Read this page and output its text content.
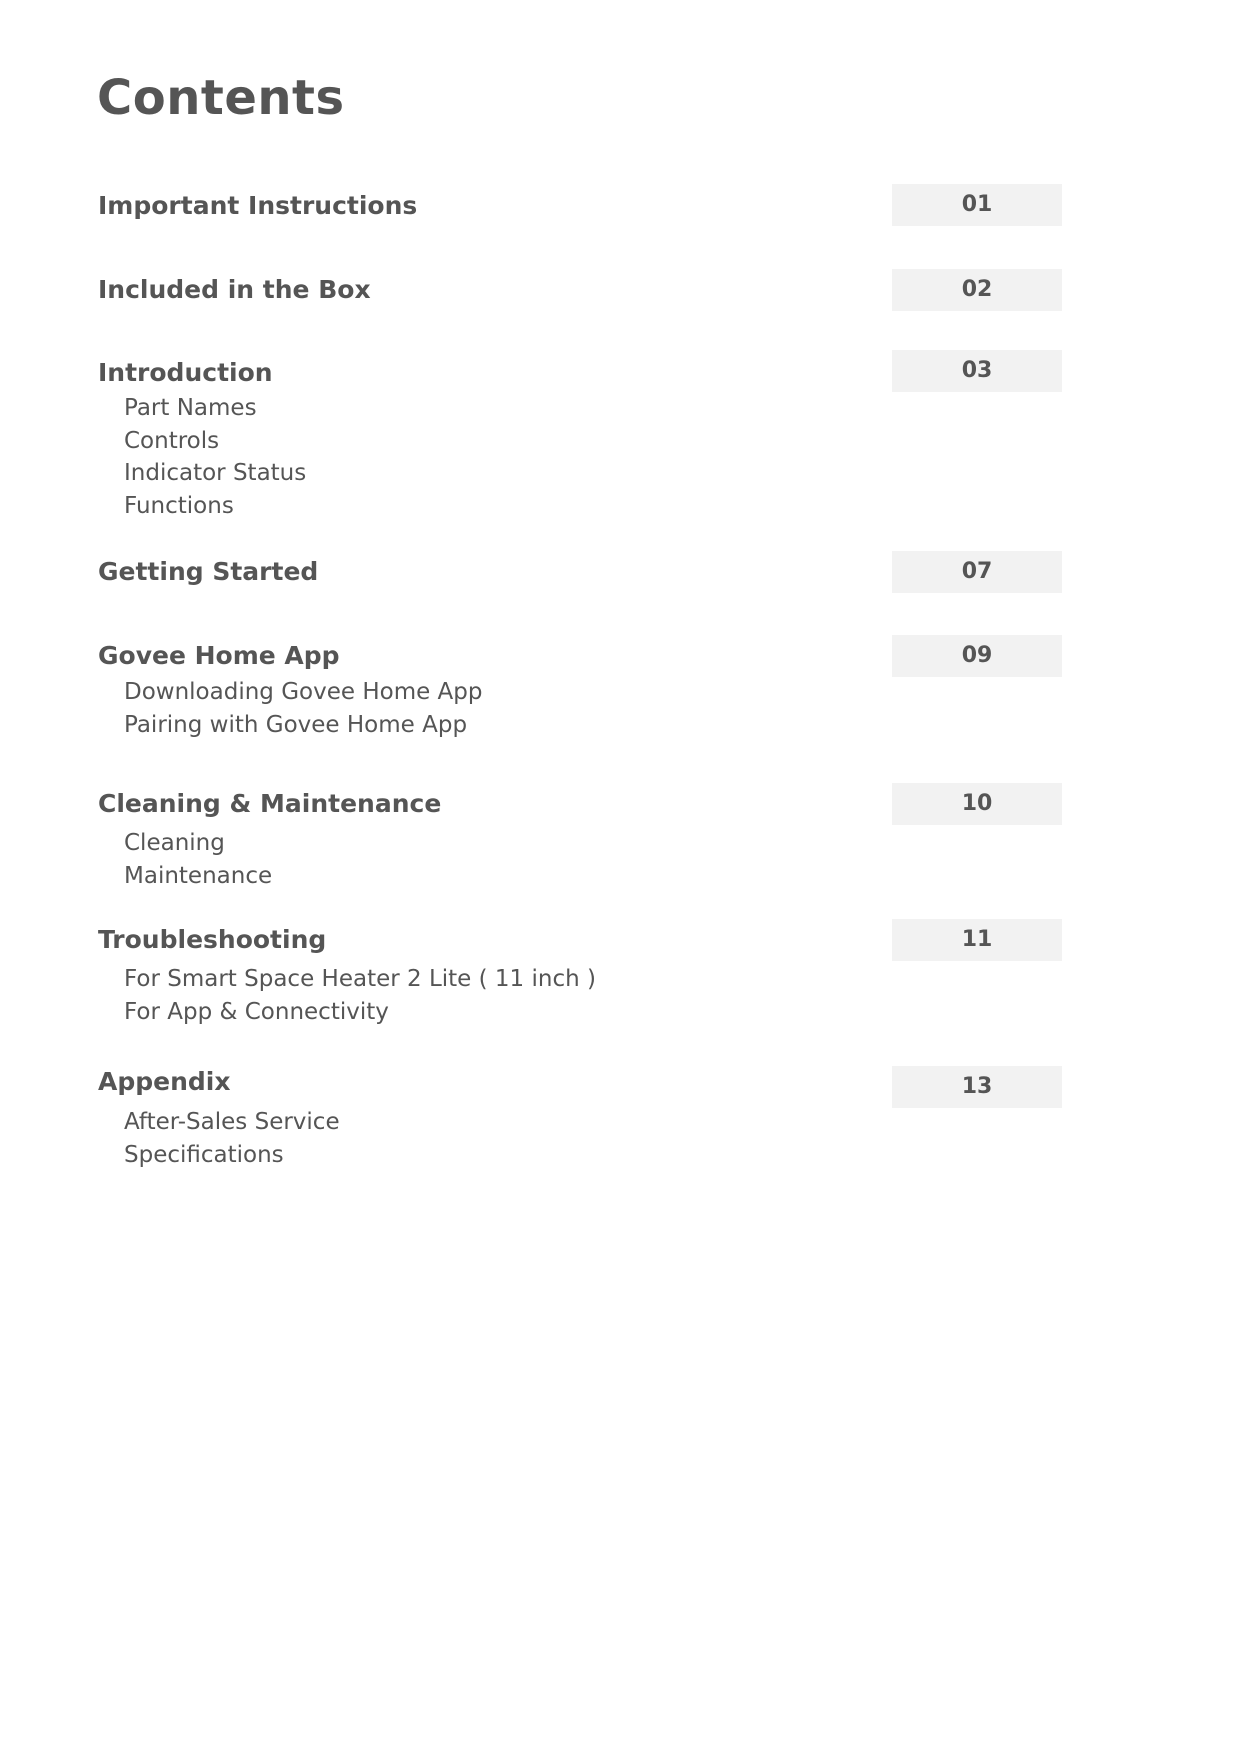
Contents
Important Instructions	01
Included in the Box	02
Introduction	03
Part Names
Controls
Indicator Status
Functions
Getting Started	07
Govee Home App	09
Downloading Govee Home App
Pairing with Govee Home App
Cleaning & Maintenance	10
Cleaning
Maintenance
Troubleshooting	11
For Smart Space Heater 2 Lite ( 11 inch )
For App & Connectivity
Appendix	13
After-Sales Service
Specifications
